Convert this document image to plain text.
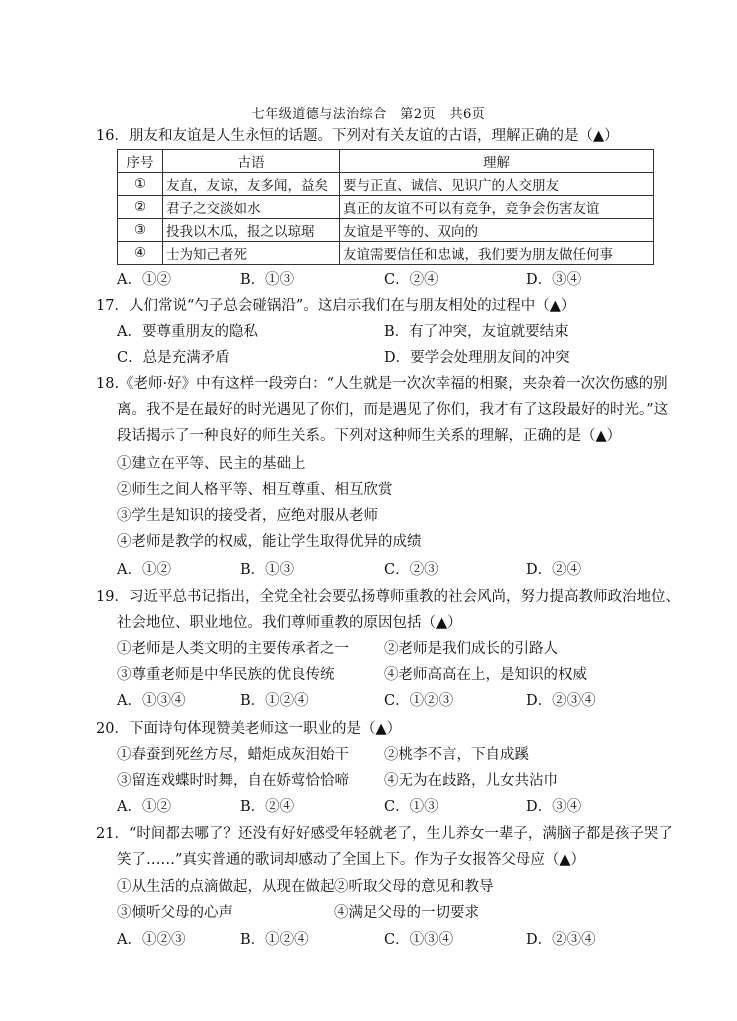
七年级道德与法治综合　第2页　共6页
16．朋友和友谊是人生永恒的话题。下列对有关友谊的古语，理解正确的是（▲）
序号	古语	理解
①	友直，友谅，友多闻，益矣	要与正直、诚信、见识广的人交朋友
②	君子之交淡如水	真正的友谊不可以有竞争，竞争会伤害友谊
③	投我以木瓜，报之以琼琚	友谊是平等的、双向的
④	士为知己者死	友谊需要信任和忠诚，我们要为朋友做任何事
A．①②	B．①③	C．②④	D．③④
17．人们常说“勺子总会碰锅沿”。这启示我们在与朋友相处的过程中（▲）
A．要尊重朋友的隐私	B．有了冲突，友谊就要结束
C．总是充满矛盾	D．要学会处理朋友间的冲突
18.《老师·好》中有这样一段旁白：“人生就是一次次幸福的相聚，夹杂着一次次伤感的别
离。我不是在最好的时光遇见了你们，而是遇见了你们，我才有了这段最好的时光。”这
段话揭示了一种良好的师生关系。下列对这种师生关系的理解，正确的是（▲）
①建立在平等、民主的基础上
②师生之间人格平等、相互尊重、相互欣赏
③学生是知识的接受者，应绝对服从老师
④老师是教学的权威，能让学生取得优异的成绩
A．①②	B．①③	C．②③	D．②④
19．习近平总书记指出，全党全社会要弘扬尊师重教的社会风尚，努力提高教师政治地位、
社会地位、职业地位。我们尊师重教的原因包括（▲）
①老师是人类文明的主要传承者之一 ②老师是我们成长的引路人
③尊重老师是中华民族的优良传统	④老师高高在上，是知识的权威
A．①③④	B．①②④	C．①②③	D．②③④
20．下面诗句体现赞美老师这一职业的是（▲）
①春蚕到死丝方尽，蜡炬成灰泪始干 ②桃李不言，下自成蹊
③留连戏蝶时时舞，自在娇莺恰恰啼 ④无为在歧路，儿女共沾巾
A．①②	B．②④	C．①③	D．③④
21．“时间都去哪了？还没有好好感受年轻就老了，生儿养女一辈子，满脑子都是孩子哭了
笑了……”真实普通的歌词却感动了全国上下。作为子女报答父母应（▲）
①从生活的点滴做起，从现在做起 ②听取父母的意见和教导
③倾听父母的心声	④满足父母的一切要求
A．①②③	B．①②④	C．①③④	D．②③④
